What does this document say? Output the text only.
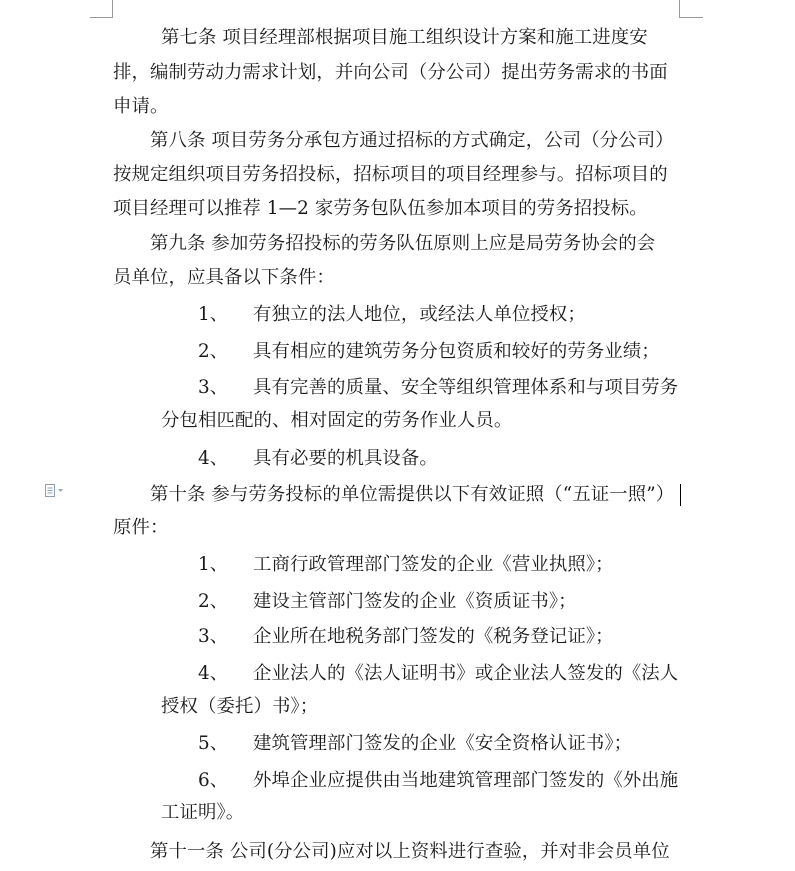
第七条 项目经理部根据项目施工组织设计方案和施工进度安
排，编制劳动力需求计划，并向公司（分公司）提出劳务需求的书面
申请。
第八条 项目劳务分承包方通过招标的方式确定，公司（分公司）
按规定组织项目劳务招投标，招标项目的项目经理参与。招标项目的
项目经理可以推荐 1—2 家劳务包队伍参加本项目的劳务招投标。
第九条 参加劳务招投标的劳务队伍原则上应是局劳务协会的会
员单位，应具备以下条件：
1、 有独立的法人地位，或经法人单位授权；
2、 具有相应的建筑劳务分包资质和较好的劳务业绩；
3、 具有完善的质量、安全等组织管理体系和与项目劳务
分包相匹配的、相对固定的劳务作业人员。
4、 具有必要的机具设备。
第十条 参与劳务投标的单位需提供以下有效证照（“五证一照”）
原件：
1、 工商行政管理部门签发的企业《营业执照》；
2、 建设主管部门签发的企业《资质证书》；
3、 企业所在地税务部门签发的《税务登记证》；
4、 企业法人的《法人证明书》或企业法人签发的《法人
授权（委托）书》；
5、 建筑管理部门签发的企业《安全资格认证书》；
6、 外埠企业应提供由当地建筑管理部门签发的《外出施
工证明》。
第十一条 公司(分公司)应对以上资料进行查验，并对非会员单位
